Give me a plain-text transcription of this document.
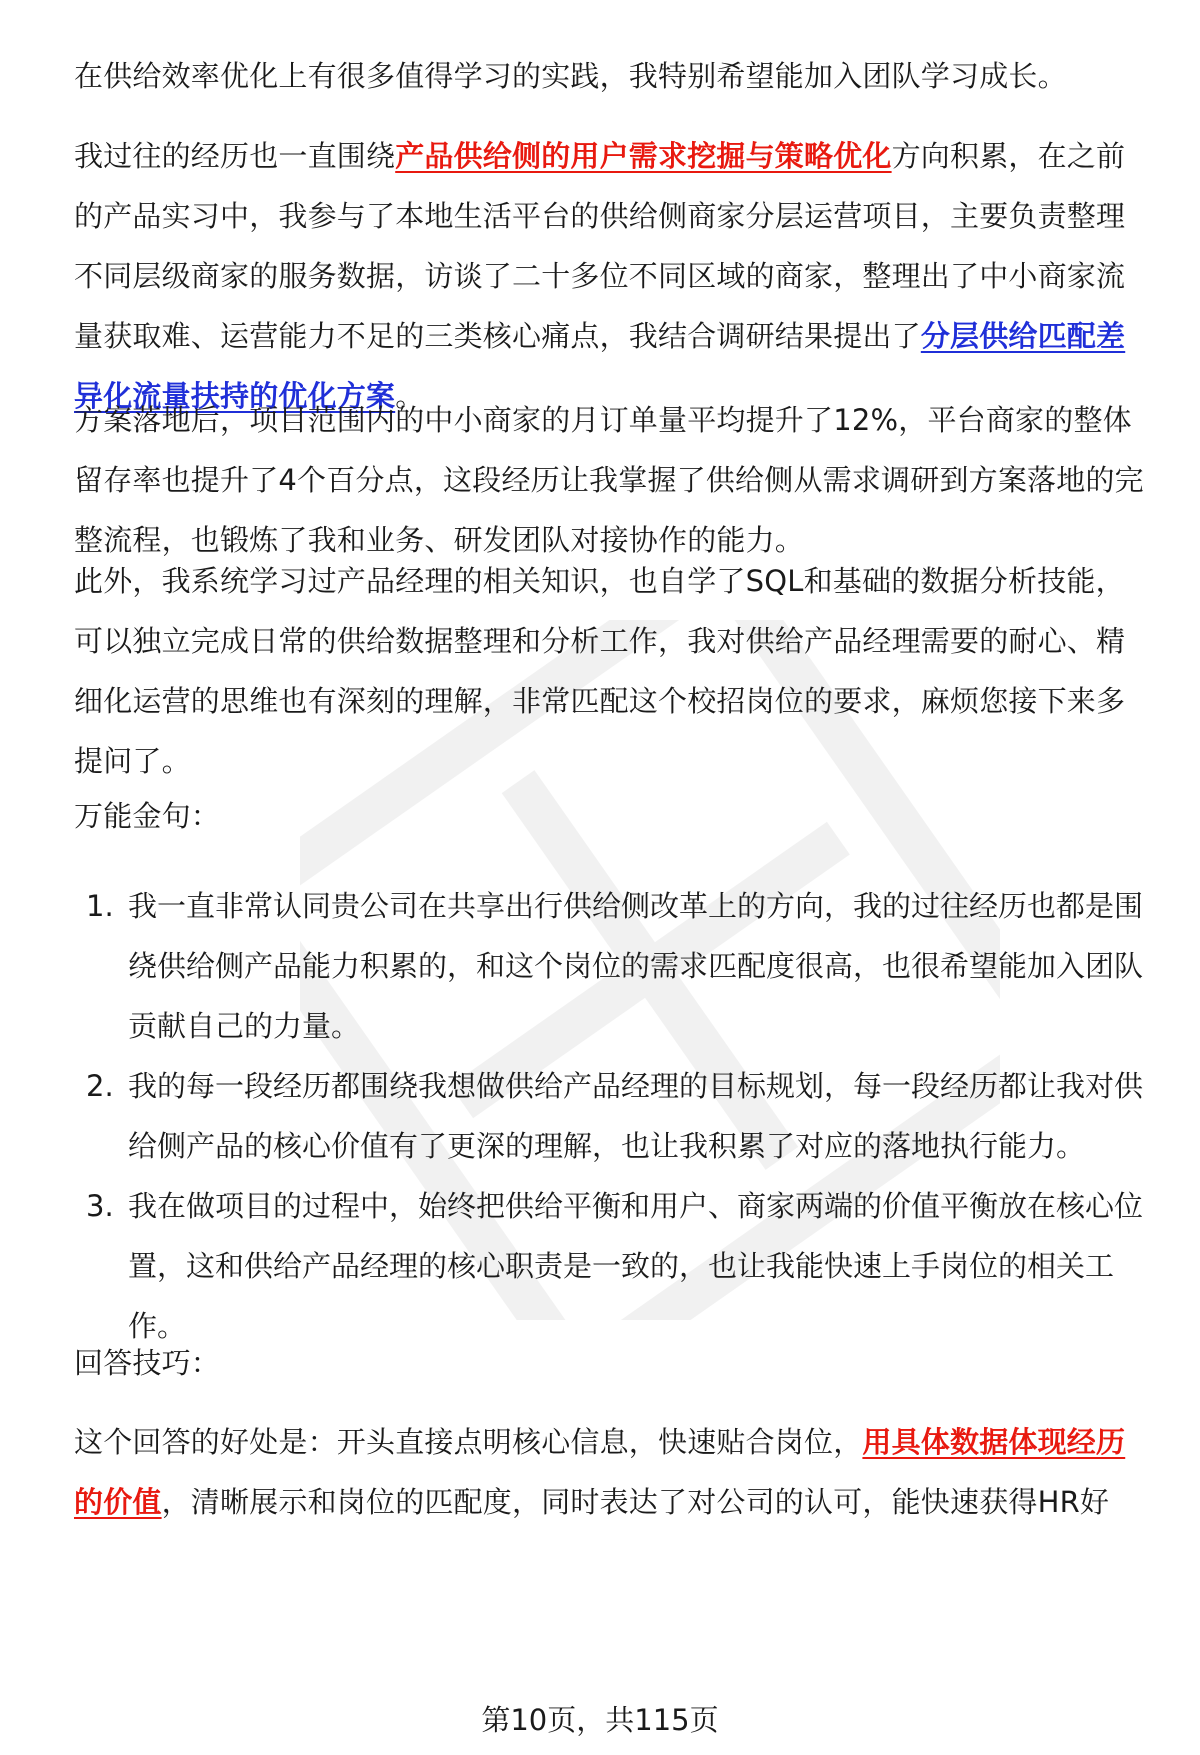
在供给效率优化上有很多值得学习的实践，我特别希望能加入团队学习成长。

我过往的经历也一直围绕产品供给侧的用户需求挖掘与策略优化方向积累，在之前的产品实习中，我参与了本地生活平台的供给侧商家分层运营项目，主要负责整理不同层级商家的服务数据，访谈了二十多位不同区域的商家，整理出了中小商家流量获取难、运营能力不足的三类核心痛点，我结合调研结果提出了分层供给匹配差异化流量扶持的优化方案。

方案落地后，项目范围内的中小商家的月订单量平均提升了12%，平台商家的整体留存率也提升了4个百分点，这段经历让我掌握了供给侧从需求调研到方案落地的完整流程，也锻炼了我和业务、研发团队对接协作的能力。

此外，我系统学习过产品经理的相关知识，也自学了SQL和基础的数据分析技能，可以独立完成日常的供给数据整理和分析工作，我对供给产品经理需要的耐心、精细化运营的思维也有深刻的理解，非常匹配这个校招岗位的要求，麻烦您接下来多提问了。

万能金句：

1. 我一直非常认同贵公司在共享出行供给侧改革上的方向，我的过往经历也都是围绕供给侧产品能力积累的，和这个岗位的需求匹配度很高，也很希望能加入团队贡献自己的力量。
2. 我的每一段经历都围绕我想做供给产品经理的目标规划，每一段经历都让我对供给侧产品的核心价值有了更深的理解，也让我积累了对应的落地执行能力。
3. 我在做项目的过程中，始终把供给平衡和用户、商家两端的价值平衡放在核心位置，这和供给产品经理的核心职责是一致的，也让我能快速上手岗位的相关工作。

回答技巧：

这个回答的好处是：开头直接点明核心信息，快速贴合岗位，用具体数据体现经历的价值，清晰展示和岗位的匹配度，同时表达了对公司的认可，能快速获得HR好

第10页，共115页
